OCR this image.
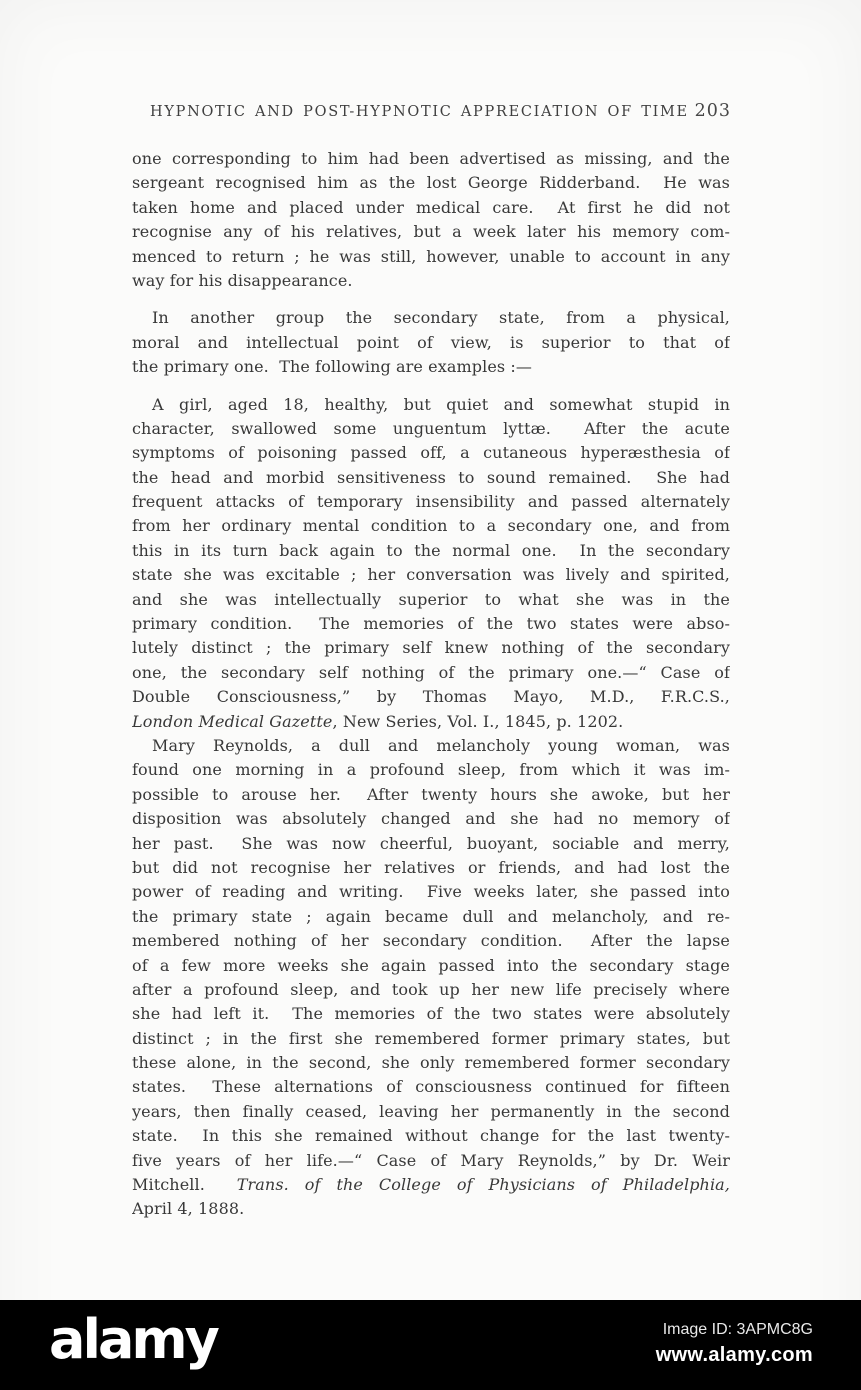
HYPNOTIC AND POST-HYPNOTIC APPRECIATION OF TIME 203
one corresponding to him had been advertised as missing, and the
sergeant recognised him as the lost George Ridderband.  He was
taken home and placed under medical care.  At first he did not
recognise any of his relatives, but a week later his memory com-
menced to return ; he was still, however, unable to account in any
way for his disappearance.
In another group the secondary state, from a physical,
moral and intellectual point of view, is superior to that of
the primary one.  The following are examples :—
A girl, aged 18, healthy, but quiet and somewhat stupid in
character, swallowed some unguentum lyttæ.  After the acute
symptoms of poisoning passed off, a cutaneous hyperæsthesia of
the head and morbid sensitiveness to sound remained.  She had
frequent attacks of temporary insensibility and passed alternately
from her ordinary mental condition to a secondary one, and from
this in its turn back again to the normal one.  In the secondary
state she was excitable ; her conversation was lively and spirited,
and she was intellectually superior to what she was in the
primary condition.  The memories of the two states were abso-
lutely distinct ; the primary self knew nothing of the secondary
one, the secondary self nothing of the primary one.—“ Case of
Double Consciousness,” by Thomas Mayo, M.D., F.R.C.S.,
London Medical Gazette, New Series, Vol. I., 1845, p. 1202.
Mary Reynolds, a dull and melancholy young woman, was
found one morning in a profound sleep, from which it was im-
possible to arouse her.  After twenty hours she awoke, but her
disposition was absolutely changed and she had no memory of
her past.  She was now cheerful, buoyant, sociable and merry,
but did not recognise her relatives or friends, and had lost the
power of reading and writing.  Five weeks later, she passed into
the primary state ; again became dull and melancholy, and re-
membered nothing of her secondary condition.  After the lapse
of a few more weeks she again passed into the secondary stage
after a profound sleep, and took up her new life precisely where
she had left it.  The memories of the two states were absolutely
distinct ; in the first she remembered former primary states, but
these alone, in the second, she only remembered former secondary
states.  These alternations of consciousness continued for fifteen
years, then finally ceased, leaving her permanently in the second
state.  In this she remained without change for the last twenty-
five years of her life.—“ Case of Mary Reynolds,” by Dr. Weir
Mitchell.  Trans. of the College of Physicians of Philadelphia,
April 4, 1888.
alamy	Image ID: 3APMC8G
www.alamy.com
